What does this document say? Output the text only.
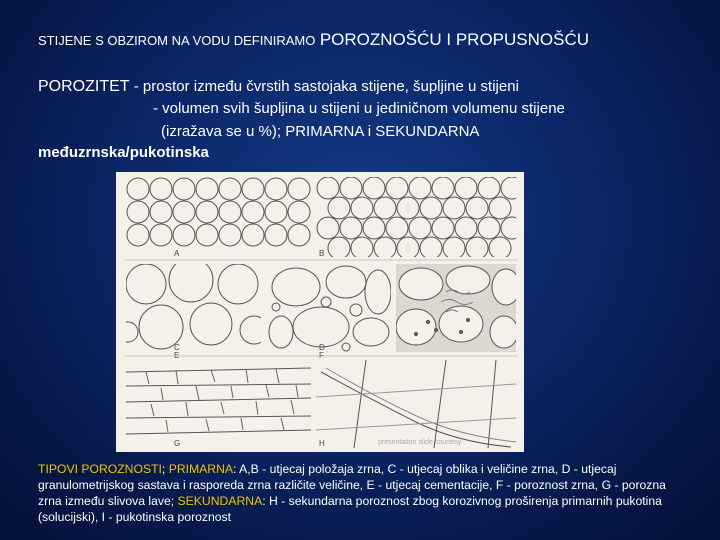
STIJENE S OBZIROM NA VODU DEFINIRAMO POROZNOŠĆU I PROPUSNOŠĆU
POROZITET - prostor između čvrstih sastojaka stijene, šupljine u stijeni
- volumen svih šupljina u stijeni u jediničnom volumenu stijene
(izražava se u %); PRIMARNA i SEKUNDARNA
međuzrnska/pukotinska
A	B
C	D
E	F
G	H	presentation slide courtesy
TIPOVI POROZNOSTI; PRIMARNA: A,B - utjecaj položaja zrna, C - utjecaj oblika i veličine zrna, D - utjecaj granulometrijskog sastava i rasporeda zrna različite veličine, E - utjecaj cementacije, F - poroznost zrna, G - porozna zrna između slivova lave; SEKUNDARNA: H - sekundarna poroznost zbog korozivnog proširenja primarnih pukotina (solucijski), I - pukotinska poroznost
